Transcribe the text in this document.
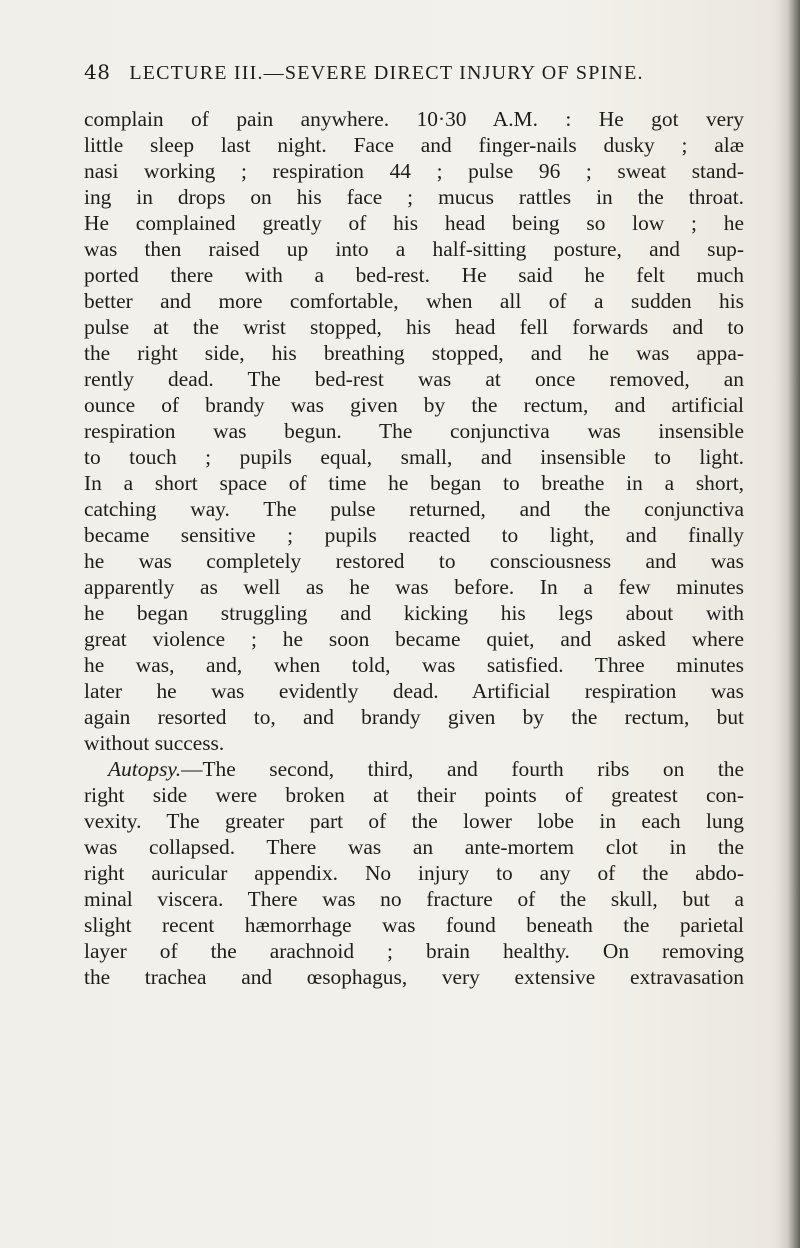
48 LECTURE III.—SEVERE DIRECT INJURY OF SPINE.
complain of pain anywhere. 10·30 A.M. : He got very
little sleep last night. Face and finger-nails dusky ; alæ
nasi working ; respiration 44 ; pulse 96 ; sweat stand-
ing in drops on his face ; mucus rattles in the throat.
He complained greatly of his head being so low ; he
was then raised up into a half-sitting posture, and sup-
ported there with a bed-rest. He said he felt much
better and more comfortable, when all of a sudden his
pulse at the wrist stopped, his head fell forwards and to
the right side, his breathing stopped, and he was appa-
rently dead. The bed-rest was at once removed, an
ounce of brandy was given by the rectum, and artificial
respiration was begun. The conjunctiva was insensible
to touch ; pupils equal, small, and insensible to light.
In a short space of time he began to breathe in a short,
catching way. The pulse returned, and the conjunctiva
became sensitive ; pupils reacted to light, and finally
he was completely restored to consciousness and was
apparently as well as he was before. In a few minutes
he began struggling and kicking his legs about with
great violence ; he soon became quiet, and asked where
he was, and, when told, was satisfied. Three minutes
later he was evidently dead. Artificial respiration was
again resorted to, and brandy given by the rectum, but
without success.
Autopsy.—The second, third, and fourth ribs on the
right side were broken at their points of greatest con-
vexity. The greater part of the lower lobe in each lung
was collapsed. There was an ante-mortem clot in the
right auricular appendix. No injury to any of the abdo-
minal viscera. There was no fracture of the skull, but a
slight recent hæmorrhage was found beneath the parietal
layer of the arachnoid ; brain healthy. On removing
the trachea and œsophagus, very extensive extravasation
